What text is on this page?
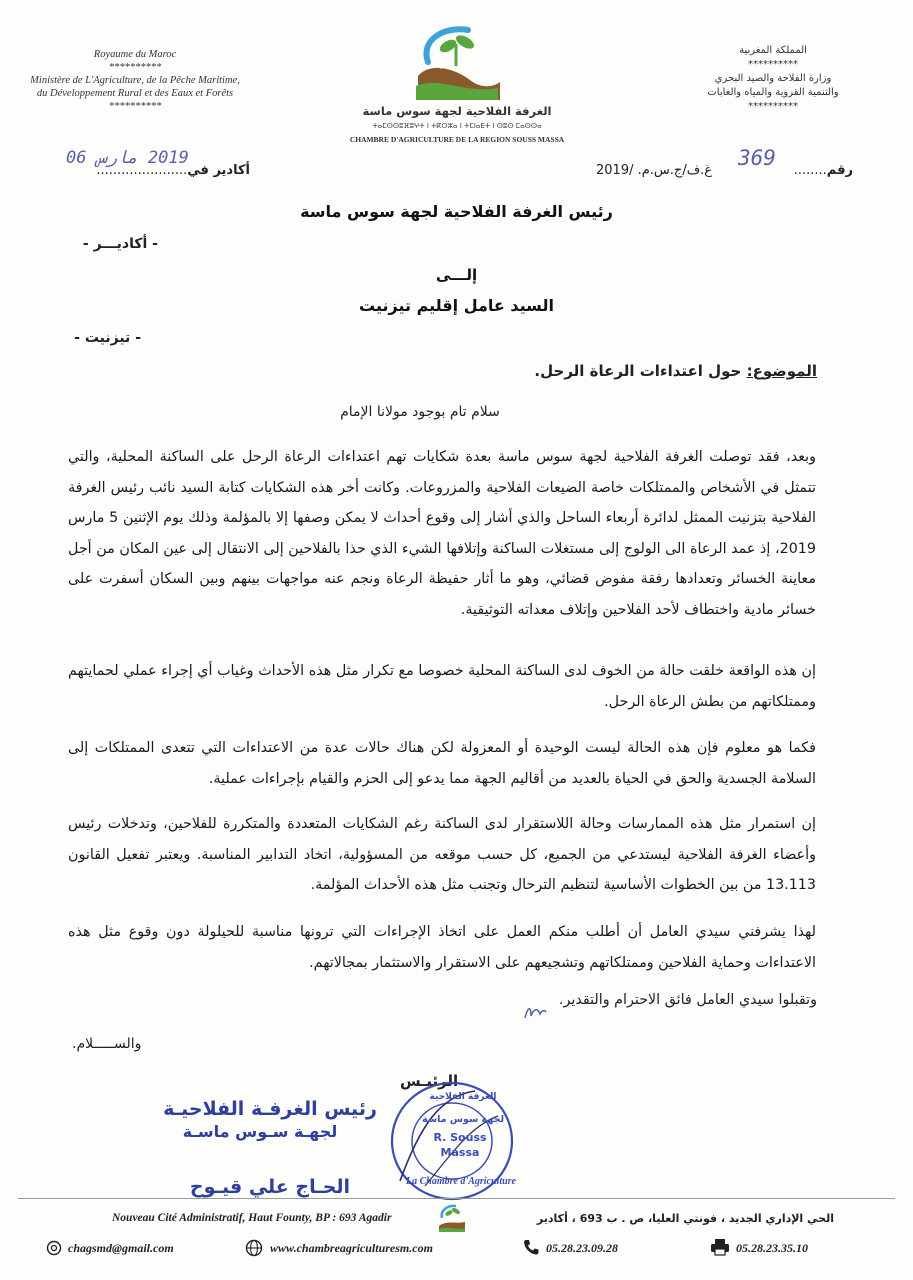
Royaume du Maroc
**********
Ministère de L'Agriculture, de la Pêche Maritime,
du Développement Rural et des Eaux et Forêts
**********
المملكة المغربية
**********
وزارة الفلاحة والصيد البحري
والتنمية القروية والمياه والغابات
**********
الغرفة الفلاحية لجهة سوس ماسة
ⵜⴰⵎⵙⵙⵓⴼⵓⵖⵜ ⵏ ⵜⴽⵔⵣⴰ ⵏ ⵜⵎⵏⴰⴹⵜ ⵏ ⵙⵓⵙ ⵎⴰⵙⵙⴰ
CHAMBRE D'AGRICULTURE DE LA REGION SOUSS MASSA
رقم........
369
غ.ف/ج.س.م. /2019
أكادير في......................
2019 مارس 06
رئيس الغرفة الفلاحية لجهة سوس ماسة
- أكاديـــر -
إلـــى
السيد عامل إقليم تيزنيت
- تيزنيت -
الموضوع: حول اعتداءات الرعاة الرحل.
سلام تام بوجود مولانا الإمام
وبعد، فقد توصلت الغرفة الفلاحية لجهة سوس ماسة بعدة شكايات تهم اعتداءات الرعاة الرحل على الساكنة المحلية، والتي تتمثل في الأشخاص والممتلكات خاصة الضيعات الفلاحية والمزروعات. وكانت أخر هذه الشكايات كتابة السيد نائب رئيس الغرفة الفلاحية بتزنيت الممثل لدائرة أربعاء الساحل والذي أشار إلى وقوع أحداث لا يمكن وصفها إلا بالمؤلمة وذلك يوم الإثنين 5 مارس 2019، إذ عمد الرعاة الى الولوج إلى مستغلات الساكنة وإتلافها الشيء الذي حذا بالفلاحين إلى الانتقال إلى عين المكان من أجل معاينة الخسائر وتعدادها رفقة مفوض قضائي، وهو ما أثار حفيظة الرعاة ونجم عنه مواجهات بينهم وبين السكان أسفرت على خسائر مادية واختطاف لأحد الفلاحين وإتلاف معداته التوثيقية.
إن هذه الواقعة خلقت حالة من الخوف لدى الساكنة المحلية خصوصا مع تكرار مثل هذه الأحداث وغياب أي إجراء عملي لحمايتهم وممتلكاتهم من بطش الرعاة الرحل.
فكما هو معلوم فإن هذه الحالة ليست الوحيدة أو المعزولة لكن هناك حالات عدة من الاعتداءات التي تتعدى الممتلكات إلى السلامة الجسدية والحق في الحياة بالعديد من أقاليم الجهة مما يدعو إلى الحزم والقيام بإجراءات عملية.
إن استمرار مثل هذه الممارسات وحالة اللاستقرار لدى الساكنة رغم الشكايات المتعددة والمتكررة للفلاحين، وتدخلات رئيس وأعضاء الغرفة الفلاحية ليستدعي من الجميع، كل حسب موقعه من المسؤولية، اتخاد التدابير المناسبة. ويعتبر تفعيل القانون 13.113 من بين الخطوات الأساسية لتنظيم الترحال وتجنب مثل هذه الأحداث المؤلمة.
لهذا يشرفني سيدي العامل أن أطلب منكم العمل على اتخاذ الإجراءات التي ترونها مناسبة للحيلولة دون وقوع مثل هذه الاعتداءات وحماية الفلاحين وممتلكاتهم وتشجيعهم على الاستقرار والاستثمار بمجالاتهم.
وتقبلوا سيدي العامل فائق الاحترام والتقدير.
والســـــلام.
الرئيـس
رئيس الغرفـة الفلاحيـة
لجهـة سـوس ماسـة
الحـاج علي قيـوح
الغرفة الفلاحية
لجهة سوس ماسة
R. Souss Massa
La Chambre d'Agriculture
Nouveau Cité Administratif, Haut Founty, BP : 693 Agadir	الحي الإداري الجديد ، فونتي العليا، ص . ب 693 ، أكادير
chagsmd@gmail.com	www.chambreagriculturesm.com	05.28.23.09.28	05.28.23.35.10
